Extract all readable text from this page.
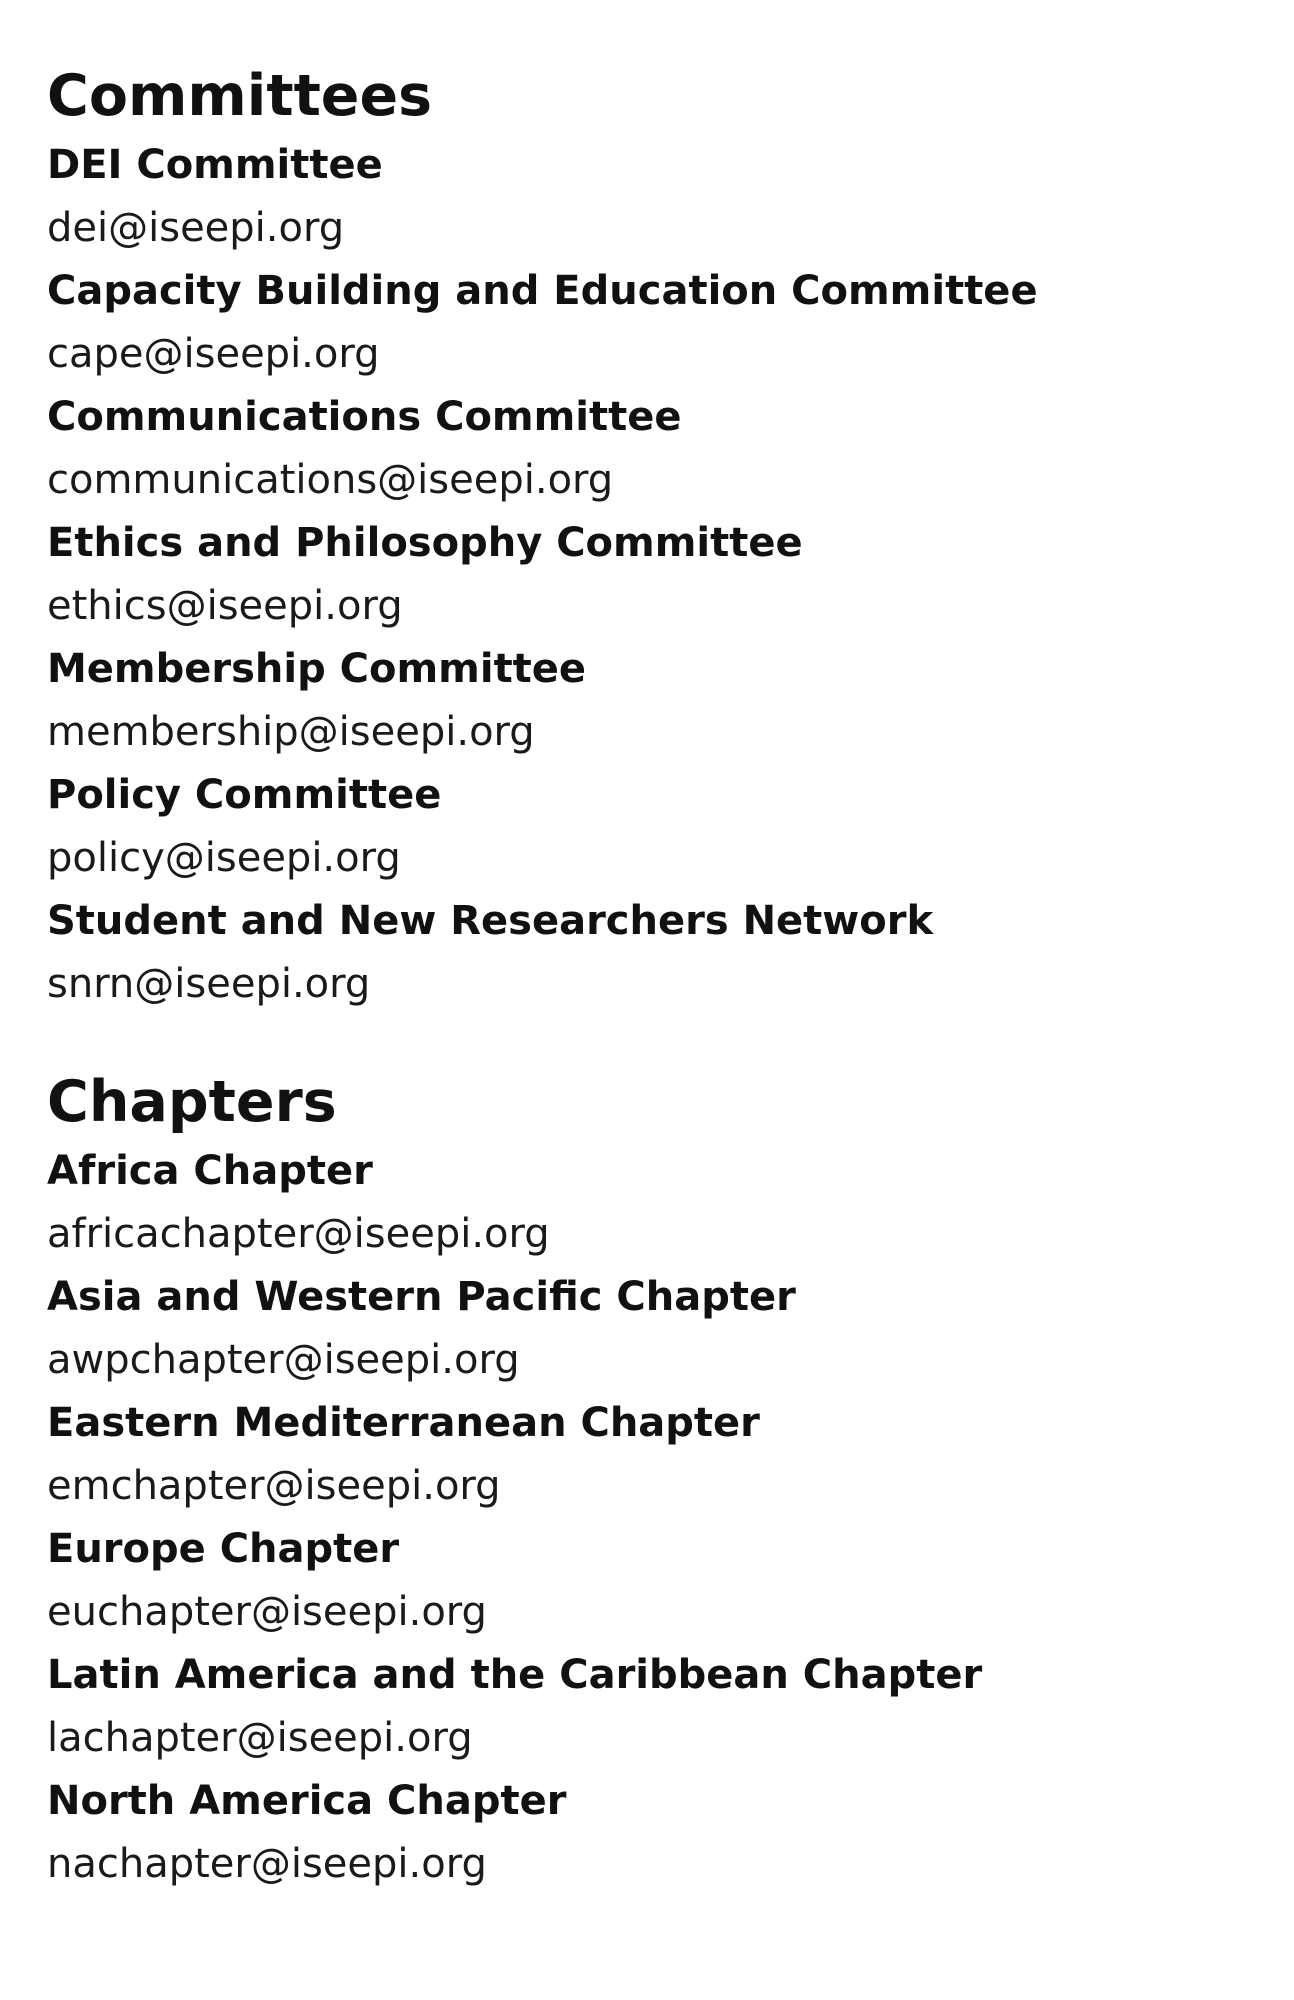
Committees
DEI Committee
dei@iseepi.org
Capacity Building and Education Committee
cape@iseepi.org
Communications Committee
communications@iseepi.org
Ethics and Philosophy Committee
ethics@iseepi.org
Membership Committee
membership@iseepi.org
Policy Committee
policy@iseepi.org
Student and New Researchers Network
snrn@iseepi.org
Chapters
Africa Chapter
africachapter@iseepi.org
Asia and Western Pacific Chapter
awpchapter@iseepi.org
Eastern Mediterranean Chapter
emchapter@iseepi.org
Europe Chapter
euchapter@iseepi.org
Latin America and the Caribbean Chapter
lachapter@iseepi.org
North America Chapter
nachapter@iseepi.org
